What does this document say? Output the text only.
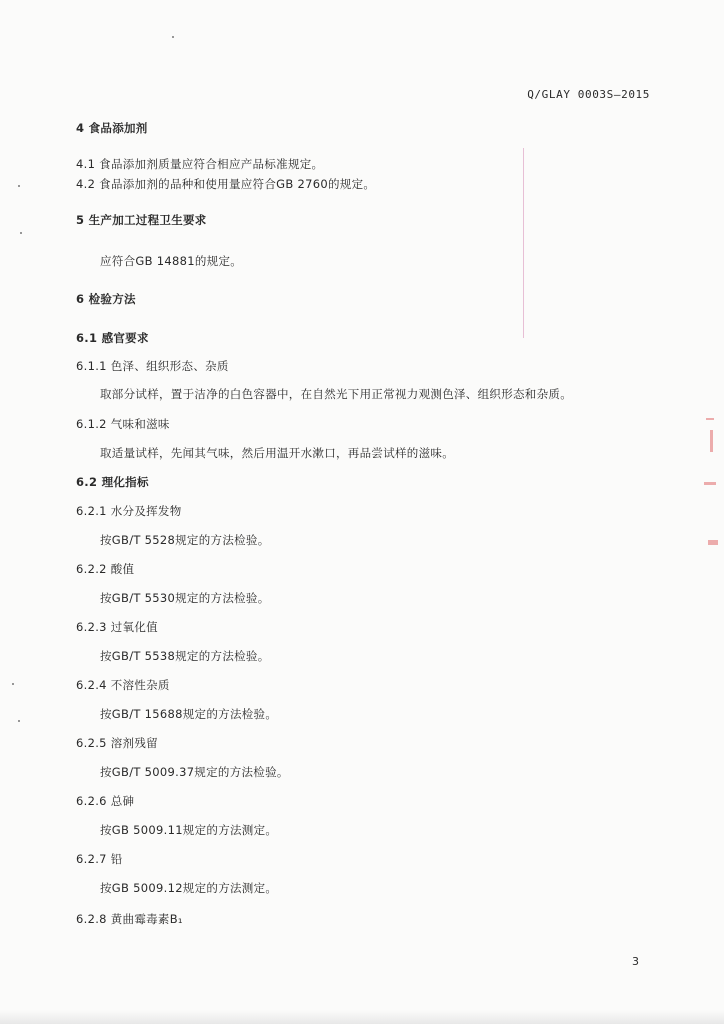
Q/GLAY 0003S—2015
4 食品添加剂
4.1 食品添加剂质量应符合相应产品标准规定。
4.2 食品添加剂的品种和使用量应符合GB 2760的规定。
5 生产加工过程卫生要求
应符合GB 14881的规定。
6 检验方法
6.1 感官要求
6.1.1 色泽、组织形态、杂质
取部分试样，置于洁净的白色容器中，在自然光下用正常视力观测色泽、组织形态和杂质。
6.1.2 气味和滋味
取适量试样，先闻其气味，然后用温开水漱口，再品尝试样的滋味。
6.2 理化指标
6.2.1 水分及挥发物
按GB/T 5528规定的方法检验。
6.2.2 酸值
按GB/T 5530规定的方法检验。
6.2.3 过氧化值
按GB/T 5538规定的方法检验。
6.2.4 不溶性杂质
按GB/T 15688规定的方法检验。
6.2.5 溶剂残留
按GB/T 5009.37规定的方法检验。
6.2.6 总砷
按GB 5009.11规定的方法测定。
6.2.7 铅
按GB 5009.12规定的方法测定。
6.2.8 黄曲霉毒素B₁
3
